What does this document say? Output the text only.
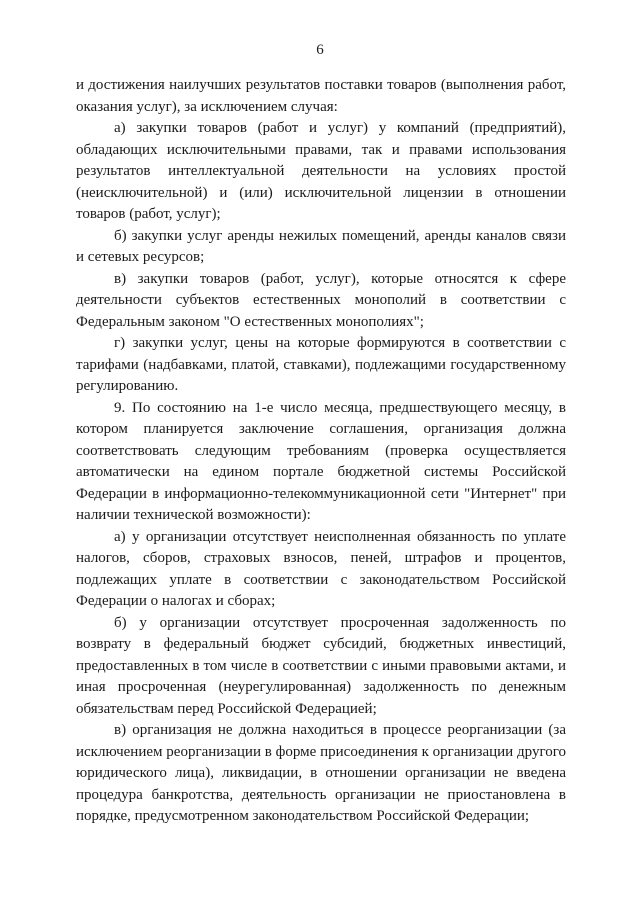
6

и достижения наилучших результатов поставки товаров (выполнения работ, оказания услуг), за исключением случая:

а) закупки товаров (работ и услуг) у компаний (предприятий), обладающих исключительными правами, так и правами использования результатов интеллектуальной деятельности на условиях простой (неисключительной) и (или) исключительной лицензии в отношении товаров (работ, услуг);

б) закупки услуг аренды нежилых помещений, аренды каналов связи и сетевых ресурсов;

в) закупки товаров (работ, услуг), которые относятся к сфере деятельности субъектов естественных монополий в соответствии с Федеральным законом "О естественных монополиях";

г) закупки услуг, цены на которые формируются в соответствии с тарифами (надбавками, платой, ставками), подлежащими государственному регулированию.

9. По состоянию на 1-е число месяца, предшествующего месяцу, в котором планируется заключение соглашения, организация должна соответствовать следующим требованиям (проверка осуществляется автоматически на едином портале бюджетной системы Российской Федерации в информационно-телекоммуникационной сети "Интернет" при наличии технической возможности):

а) у организации отсутствует неисполненная обязанность по уплате налогов, сборов, страховых взносов, пеней, штрафов и процентов, подлежащих уплате в соответствии с законодательством Российской Федерации о налогах и сборах;

б) у организации отсутствует просроченная задолженность по возврату в федеральный бюджет субсидий, бюджетных инвестиций, предоставленных в том числе в соответствии с иными правовыми актами, и иная просроченная (неурегулированная) задолженность по денежным обязательствам перед Российской Федерацией;

в) организация не должна находиться в процессе реорганизации (за исключением реорганизации в форме присоединения к организации другого юридического лица), ликвидации, в отношении организации не введена процедура банкротства, деятельность организации не приостановлена в порядке, предусмотренном законодательством Российской Федерации;
